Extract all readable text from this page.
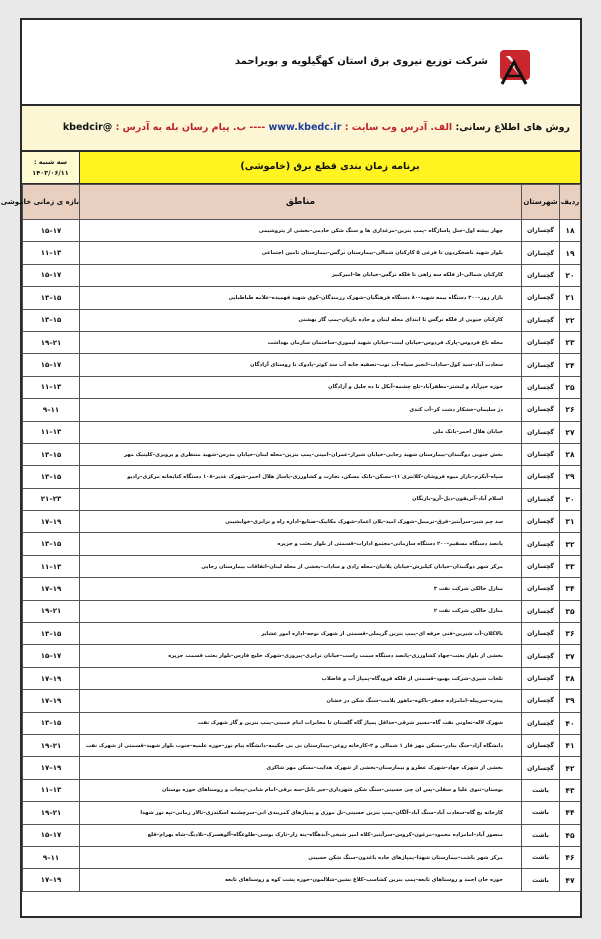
شرکت توزیع نیروی برق استان کهگیلویه و بویراحمد
روش های اطلاع رسانی: الف. آدرس وب سایت : www.kbedc.ir ---- ب. پیام رسان بله به آدرس : @kbedcir
سه شنبه :
۱۴۰۳/۰۶/۱۱
برنامه زمان بندی قطع برق (خاموشی)
ردیف	شهرستان	مناطق	بازه ی زمانی خاموشی
۱۸	گچساران	چهار بیشه اول–جنل پاساژگاه –پمپ بنزین–مرغداری ها و سنگ شکن خادمی–بخشی از پتروشیمی	۱۵–۱۷
۱۹	گچساران	بلوار شهید ناصحکردون تا فرعی ۵ کارکنان شمالی–بیمارستان نرگس–بیمارستان تامین اجتماعی	۱۱–۱۳
۲۰	گچساران	کارکنان شمالی–از فلکه سه راهی تا فلکه نرگس–خیابان ها–امیرکبیر	۱۵–۱۷
۲۱	گچساران	بازار روز–۳۰۰ دستگاه بیمه شهید–۸۰ دستگاه فرهنگیان–شهرک رزمندگان–کوی شهید فهمیده–علامه طباطبایی	۱۳–۱۵
۲۲	گچساران	کارکنان جنوبی از فلکه نرگس تا ابتدای محله لبنان و جاده بازیان–پمپ گاز بهشتی	۱۳–۱۵
۲۳	گچساران	محله باغ فردوس–پارک فردوس–خیابان لبنت–خیابان شهید لیموری–ساختمان سازمان بهداشت	۱۹–۲۱
۲۴	گچساران	سعادت آباد–سید کول–سادات–انجیر سیاه–آب توت–تصفیه خانه آب سد کوثر–پادوک تا روستای آزادگان	۱۵–۱۷
۲۵	گچساران	حوزه خیرآباد و لیشتر–مظفرآباد–تلخ چشمه–آبکل تا ده جلیل و آزادگان	۱۱–۱۳
۲۶	گچساران	دژ سلیمان–خشکار دشت کر–آب کندی	۹–۱۱
۲۷	گچساران	خیابان هلال احمر–بانک ملی	۱۱–۱۳
۲۸	گچساران	بخش جنوبی دوگنبدان–بیمارستان شهید رجایی–خیابان شیراز–عمران–امینی–پمپ بنزین–محله لبنان–خیابان مدرس–شهید منتظری و پرویزی–کلینیک مهر	۱۳–۱۵
۲۹	گچساران	سپاه–آبکرم–بازار میوه فروشان–کلانتری ۱۱–مسکن–بانک مسکن، تجارت و کشاورزی–پاساژ هلال احمر–شهرک غدیر–۱۰۸ دستگاه کتابخانه مرکزی–رادیو	۱۳–۱۵
۳۰	گچساران	اسلام آباد–آتریقون–دیل–آرو–بازنگان	۲۱–۲۳
۳۱	گچساران	سد چم شیر–سرآبتیز–قرق–ترمبیل–شهرک امید–بلان اعماد–شهرک مکانیک–صنایع–اداره راه و ترابری–خوابشیبی	۱۷–۱۹
۳۲	گچساران	پانصد دستگاه مسقیم–۲۰۰ دستگاه سازمانی–مجتمع ادارات–قسمتی از بلوار بعثت و جزیره	۱۳–۱۵
۳۳	گچساران	مرکز شهر دوگنبدان–خیابان کیلبرش–خیابان پلاتیان–محله رادی و سادات–بخشی از محله لبنان–اتفاقات بیمارستان رجایی	۱۱–۱۳
۳۴	گچساران	منازل خالکی شرکت نفت ۳	۱۷–۱۹
۳۵	گچساران	منازل خالکی شرکت نفت ۲	۱۹–۲۱
۳۶	گچساران	بالاکلان–آب شیرین–فنی حرفه ای–پمپ بنزین گرپملی–قسمتی از شهرک نوجه–اداره امور عشایر	۱۳–۱۵
۳۷	گچساران	بخشی از بلوار بعثت–جهاد کشاورزی–پانصد دستگاه سمت راست–خیابان ترابری–پیروزی–شهرک خلیج فارس–بلوار بعثت قسمت جزیره	۱۵–۱۷
۳۸	گچساران	تلخاب شیری–شرکت بهبود–قسمتی از فلکه فرودگاه–پمپاژ آب و فاضلاب	۱۷–۱۹
۳۹	گچساران	پیدره–سرپیله–امامزاده جعفر–باکوه–ماهور بلامت–سنگ شکن در خشان	۱۷–۱۹
۴۰	گچساران	شهرک لاله–تعاونی نفت گاه–مسیر شرقی–حداقل پمپاژ گاه گلستان تا مخابرات امام خمینی–پمپ بنزین و گاز شهرک نفت	۱۳–۱۵
۴۱	گچساران	دانشگاه آزاد–جنگ بنادر–مسکن مهر فاز ۱ شمالی و ۲–کارخانه روغن–بیمارستان بی بی حکیمه–دانشگاه پیام نور–حوزه علمیه–جنوب بلوار شهید–قسمتی از شهرک نفت	۱۹–۲۱
۴۲	گچساران	بخشی از شهرک جهاد–شهرک عطرو و بیمارستان–بخشی از شهرک هدایت–مسکن مهر شاکری	۱۷–۱۹
۴۳	باشت	بوستان–تنوی علیا و سفلی–پس ان چی حسینی–سنگ شکن شهرداری–جیر بابل–سه برقی–امام شامی–پیچاب و روستاهای حوزه بوستان	۱۱–۱۳
۴۴	باشت	کارخانه یخ گاه–سعادت آباد–سنگ آباد–آلگان–پمپ بنزین حسینی–تل موری و پمپاژهای کمربندی انی–سرچشمه اسکندری–تالار زمانی–تپه تور شهدا	۱۹–۲۱
۴۵	باشت	منصور آباد–امامزاده محمود–مرغون–کروس–سرآبتیز–کلاه امیر شیخی–آبدهگاه–پنه زار–تارک بوسی–طلوعگاه–آلوهسرک–تلادیگ–شاه بهرام–قلع	۱۵–۱۷
۴۶	باشت	مرکز شهر باشت–بیمارستان شهدا–پمپاژهای جاده باغدون–سنگ شکن حسینی	۹–۱۱
۴۷	باشت	حوزه خان احمد و روستاهای تابعه–پمپ بنزین کشاسب–کلاغ نشین–شلالمون–حوزه پشت کوه و روستاهای تابعه	۱۷–۱۹
